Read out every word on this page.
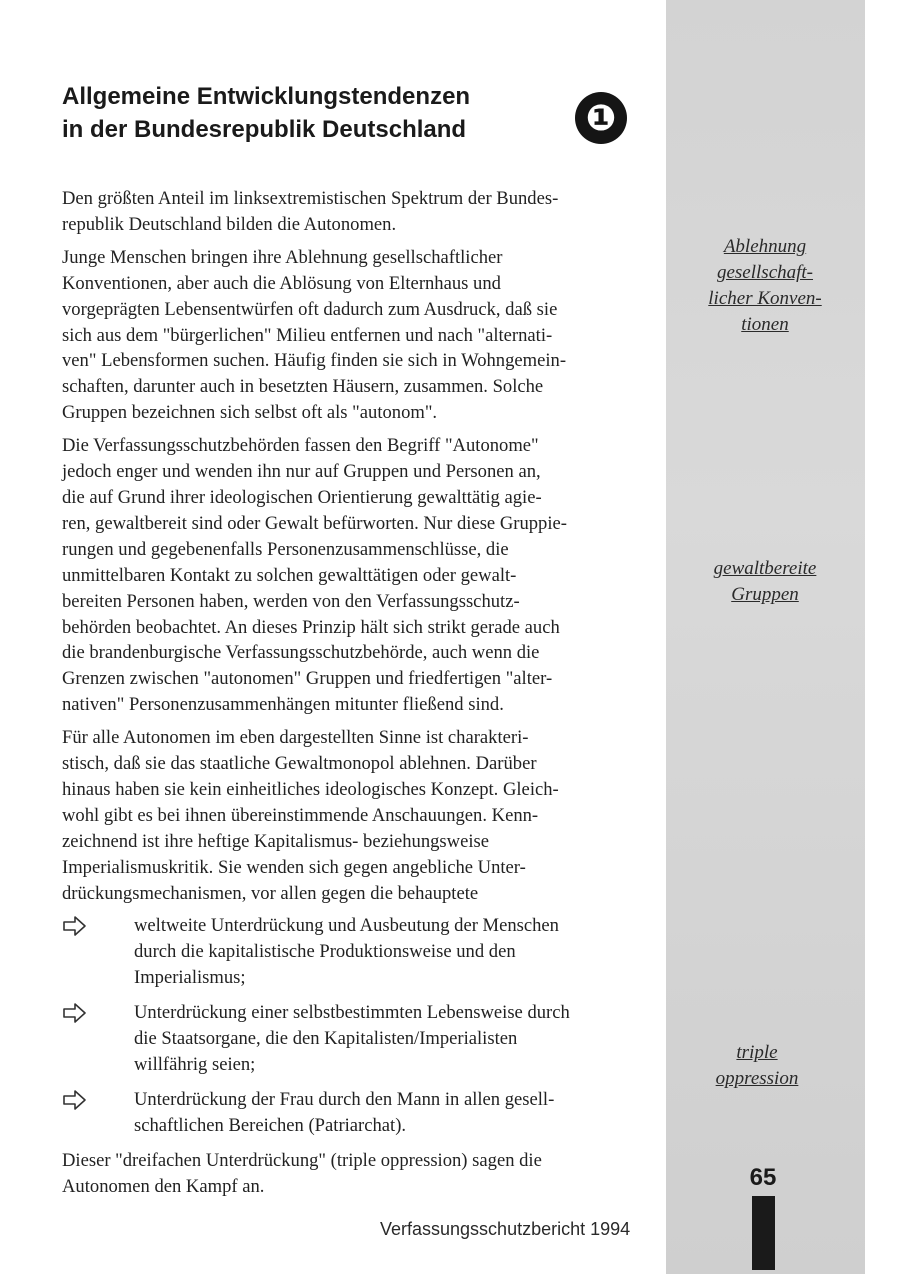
Allgemeine Entwicklungstendenzen
in der Bundesrepublik Deutschland	❶
Den größten Anteil im linksextremistischen Spektrum der Bundes-
republik Deutschland bilden die Autonomen.
Junge Menschen bringen ihre Ablehnung gesellschaftlicher
Konventionen, aber auch die Ablösung von Elternhaus und
vorgeprägten Lebensentwürfen oft dadurch zum Ausdruck, daß sie
sich aus dem "bürgerlichen" Milieu entfernen und nach "alternati-
ven" Lebensformen suchen. Häufig finden sie sich in Wohngemein-
schaften, darunter auch in besetzten Häusern, zusammen. Solche
Gruppen bezeichnen sich selbst oft als "autonom".
Die Verfassungsschutzbehörden fassen den Begriff "Autonome"
jedoch enger und wenden ihn nur auf Gruppen und Personen an,
die auf Grund ihrer ideologischen Orientierung gewalttätig agie-
ren, gewaltbereit sind oder Gewalt befürworten. Nur diese Gruppie-
rungen und gegebenenfalls Personenzusammenschlüsse, die
unmittelbaren Kontakt zu solchen gewalttätigen oder gewalt-
bereiten Personen haben, werden von den Verfassungsschutz-
behörden beobachtet. An dieses Prinzip hält sich strikt gerade auch
die brandenburgische Verfassungsschutzbehörde, auch wenn die
Grenzen zwischen "autonomen" Gruppen und friedfertigen "alter-
nativen" Personenzusammenhängen mitunter fließend sind.
Für alle Autonomen im eben dargestellten Sinne ist charakteri-
stisch, daß sie das staatliche Gewaltmonopol ablehnen. Darüber
hinaus haben sie kein einheitliches ideologisches Konzept. Gleich-
wohl gibt es bei ihnen übereinstimmende Anschauungen. Kenn-
zeichnend ist ihre heftige Kapitalismus- beziehungsweise
Imperialismuskritik. Sie wenden sich gegen angebliche Unter-
drückungsmechanismen, vor allen gegen die behauptete
weltweite Unterdrückung und Ausbeutung der Menschen
durch die kapitalistische Produktionsweise und den
Imperialismus;
Unterdrückung einer selbstbestimmten Lebensweise durch
die Staatsorgane, die den Kapitalisten/Imperialisten
willfährig seien;
Unterdrückung der Frau durch den Mann in allen gesell-
schaftlichen Bereichen (Patriarchat).
Dieser "dreifachen Unterdrückung" (triple oppression) sagen die
Autonomen den Kampf an.
Ablehnung
gesellschaft-
licher Konven-
tionen
gewaltbereite
Gruppen
triple
oppression
65
Verfassungsschutzbericht 1994
